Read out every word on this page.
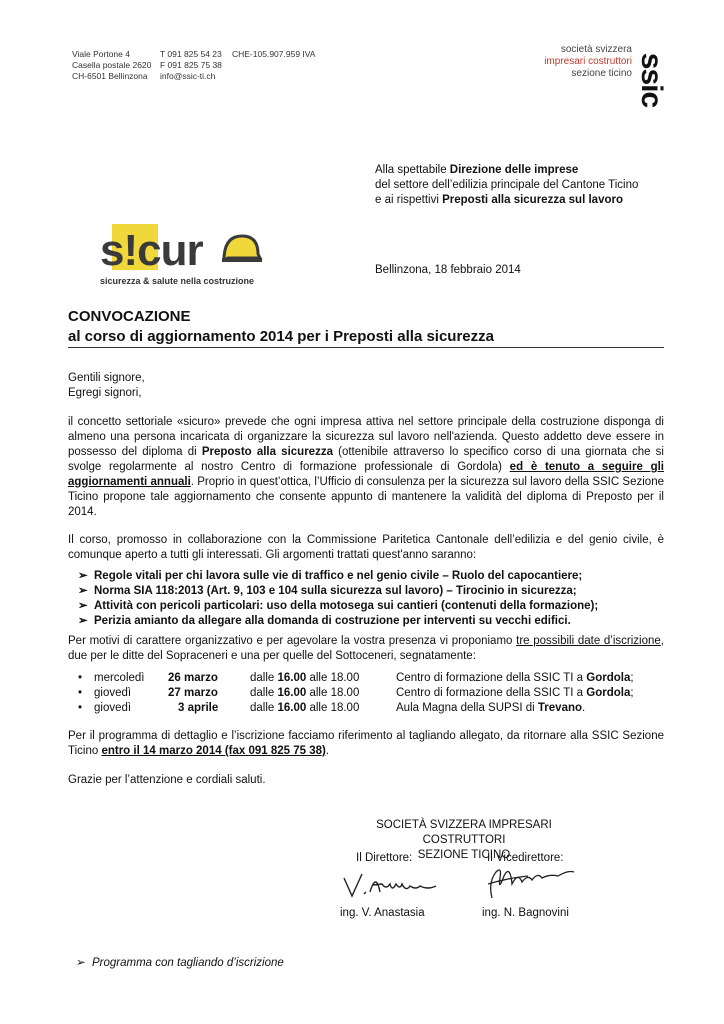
Viale Portone 4
Casella postale 2620
CH-6501 Bellinzona
T 091 825 54 23
F 091 825 75 38
info@ssic-ti.ch
CHE-105.907.959 IVA	società svizzera
impresari costruttori
sezione ticino ssic
Alla spettabile Direzione delle imprese
del settore dell’edilizia principale del Cantone Ticino
e ai rispettivi Preposti alla sicurezza sul lavoro
s!cur
sicurezza & salute nella costruzione
Bellinzona, 18 febbraio 2014
CONVOCAZIONE
al corso di aggiornamento 2014 per i Preposti alla sicurezza
Gentili signore,
Egregi signori,
il concetto settoriale «sicuro» prevede che ogni impresa attiva nel settore principale della costruzione disponga di almeno una persona incaricata di organizzare la sicurezza sul lavoro nell'azienda. Questo addetto deve essere in possesso del diploma di Preposto alla sicurezza (ottenibile attraverso lo specifico corso di una giornata che si svolge regolarmente al nostro Centro di formazione professionale di Gordola) ed è tenuto a seguire gli aggiornamenti annuali. Proprio in quest’ottica, l’Ufficio di consulenza per la sicurezza sul lavoro della SSIC Sezione Ticino propone tale aggiornamento che consente appunto di mantenere la validità del diploma di Preposto per il 2014.
Il corso, promosso in collaborazione con la Commissione Paritetica Cantonale dell’edilizia e del genio civile, è comunque aperto a tutti gli interessati. Gli argomenti trattati quest'anno saranno:
➢ Regole vitali per chi lavora sulle vie di traffico e nel genio civile – Ruolo del capocantiere;
➢ Norma SIA 118:2013 (Art. 9, 103 e 104 sulla sicurezza sul lavoro) – Tirocinio in sicurezza;
➢ Attività con pericoli particolari: uso della motosega sui cantieri (contenuti della formazione);
➢ Perizia amianto da allegare alla domanda di costruzione per interventi su vecchi edifici.
Per motivi di carattere organizzativo e per agevolare la vostra presenza vi proponiamo tre possibili date d’iscrizione, due per le ditte del Sopraceneri e una per quelle del Sottoceneri, segnatamente:
• mercoledì 26 marzo	dalle 16.00 alle 18.00	Centro di formazione della SSIC TI a Gordola;
• giovedì	27 marzo	dalle 16.00 alle 18.00	Centro di formazione della SSIC TI a Gordola;
• giovedì	3 aprile	dalle 16.00 alle 18.00	Aula Magna della SUPSI di Trevano.
Per il programma di dettaglio e l’iscrizione facciamo riferimento al tagliando allegato, da ritornare alla SSIC Sezione Ticino entro il 14 marzo 2014 (fax 091 825 75 38).
Grazie per l’attenzione e cordiali saluti.
SOCIETÀ SVIZZERA IMPRESARI COSTRUTTORI
SEZIONE TICINO
Il Direttore:	Il Vicedirettore:
ing. V. Anastasia	ing. N. Bagnovini
➢ Programma con tagliando d’iscrizione
